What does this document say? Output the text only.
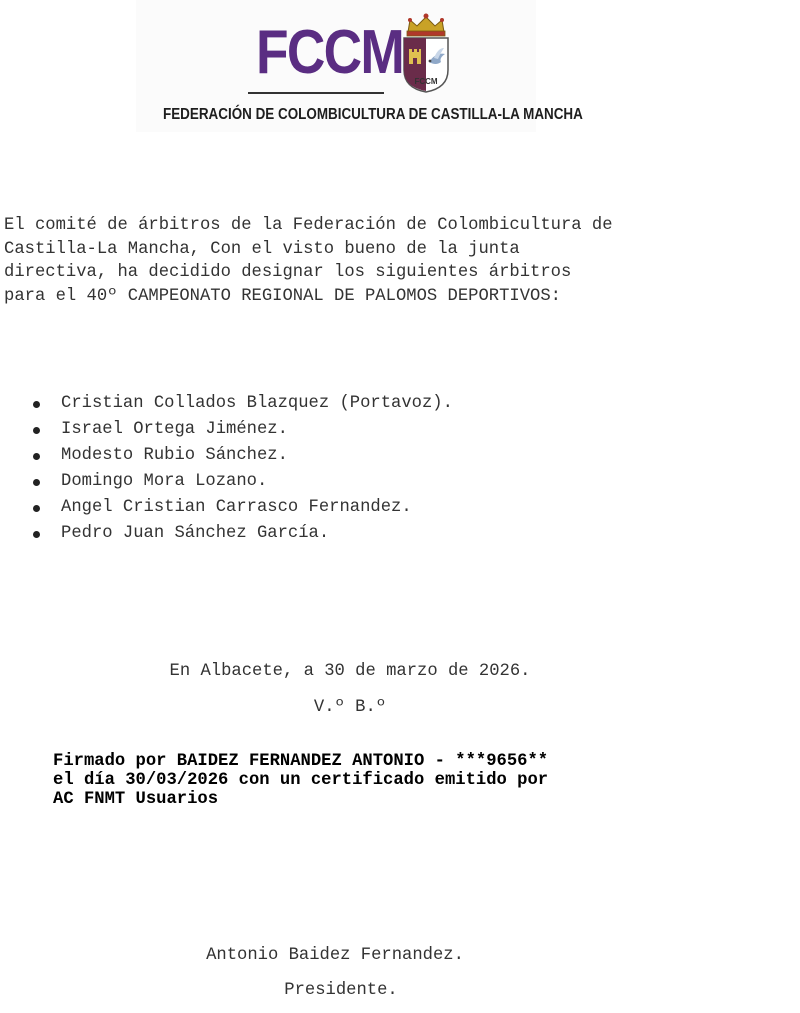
FCCM FCCM
FEDERACIÓN DE COLOMBICULTURA DE CASTILLA-LA MANCHA

El comité de árbitros de la Federación de Colombicultura de
Castilla-La Mancha, Con el visto bueno de la junta
directiva, ha decidido designar los siguientes árbitros
para el 40º CAMPEONATO REGIONAL DE PALOMOS DEPORTIVOS:

Cristian Collados Blazquez (Portavoz).
Israel Ortega Jiménez.
Modesto Rubio Sánchez.
Domingo Mora Lozano.
Angel Cristian Carrasco Fernandez.
Pedro Juan Sánchez García.
En Albacete, a 30 de marzo de 2026.
V.º B.º
Firmado por BAIDEZ FERNANDEZ ANTONIO - ***9656**
el día 30/03/2026 con un certificado emitido por
AC FNMT Usuarios
Antonio Baidez Fernandez.
Presidente.
